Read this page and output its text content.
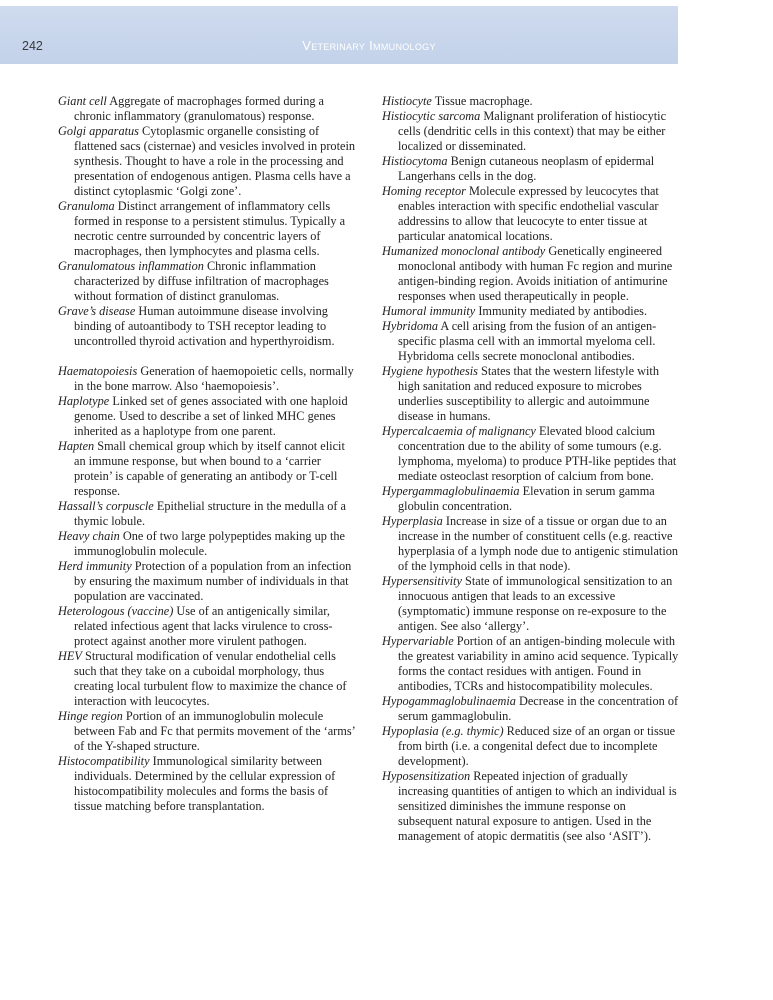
242	Veterinary Immunology

Giant cell Aggregate of macrophages formed during a chronic inflammatory (granulomatous) response.

Golgi apparatus Cytoplasmic organelle consisting of flattened sacs (cisternae) and vesicles involved in protein synthesis. Thought to have a role in the processing and presentation of endogenous antigen. Plasma cells have a distinct cytoplasmic ‘Golgi zone’.

Granuloma Distinct arrangement of inflammatory cells formed in response to a persistent stimulus. Typically a necrotic centre surrounded by concentric layers of macrophages, then lymphocytes and plasma cells.

Granulomatous inflammation Chronic inflammation characterized by diffuse infiltration of macrophages without formation of distinct granulomas.

Grave’s disease Human autoimmune disease involving binding of autoantibody to TSH receptor leading to uncontrolled thyroid activation and hyperthyroidism.

Haematopoiesis Generation of haemopoietic cells, normally in the bone marrow. Also ‘haemopoiesis’.

Haplotype Linked set of genes associated with one haploid genome. Used to describe a set of linked MHC genes inherited as a haplotype from one parent.

Hapten Small chemical group which by itself cannot elicit an immune response, but when bound to a ‘carrier protein’ is capable of generating an antibody or T-cell response.

Hassall’s corpuscle Epithelial structure in the medulla of a thymic lobule.

Heavy chain One of two large polypeptides making up the immunoglobulin molecule.

Herd immunity Protection of a population from an infection by ensuring the maximum number of individuals in that population are vaccinated.

Heterologous (vaccine) Use of an antigenically similar, related infectious agent that lacks virulence to cross-protect against another more virulent pathogen.

HEV Structural modification of venular endothelial cells such that they take on a cuboidal morphology, thus creating local turbulent flow to maximize the chance of interaction with leucocytes.

Hinge region Portion of an immunoglobulin molecule between Fab and Fc that permits movement of the ‘arms’ of the Y-shaped structure.

Histocompatibility Immunological similarity between individuals. Determined by the cellular expression of histocompatibility molecules and forms the basis of tissue matching before transplantation.

Histiocyte Tissue macrophage.

Histiocytic sarcoma Malignant proliferation of histiocytic cells (dendritic cells in this context) that may be either localized or disseminated.

Histiocytoma Benign cutaneous neoplasm of epidermal Langerhans cells in the dog.

Homing receptor Molecule expressed by leucocytes that enables interaction with specific endothelial vascular addressins to allow that leucocyte to enter tissue at particular anatomical locations.

Humanized monoclonal antibody Genetically engineered monoclonal antibody with human Fc region and murine antigen-binding region. Avoids initiation of antimurine responses when used therapeutically in people.

Humoral immunity Immunity mediated by antibodies.

Hybridoma A cell arising from the fusion of an antigen-specific plasma cell with an immortal myeloma cell. Hybridoma cells secrete monoclonal antibodies.

Hygiene hypothesis States that the western lifestyle with high sanitation and reduced exposure to microbes underlies susceptibility to allergic and autoimmune disease in humans.

Hypercalcaemia of malignancy Elevated blood calcium concentration due to the ability of some tumours (e.g. lymphoma, myeloma) to produce PTH-like peptides that mediate osteoclast resorption of calcium from bone.

Hypergammaglobulinaemia Elevation in serum gamma globulin concentration.

Hyperplasia Increase in size of a tissue or organ due to an increase in the number of constituent cells (e.g. reactive hyperplasia of a lymph node due to antigenic stimulation of the lymphoid cells in that node).

Hypersensitivity State of immunological sensitization to an innocuous antigen that leads to an excessive (symptomatic) immune response on re-exposure to the antigen. See also ‘allergy’.

Hypervariable Portion of an antigen-binding molecule with the greatest variability in amino acid sequence. Typically forms the contact residues with antigen. Found in antibodies, TCRs and histocompatibility molecules.

Hypogammaglobulinaemia Decrease in the concentration of serum gammaglobulin.

Hypoplasia (e.g. thymic) Reduced size of an organ or tissue from birth (i.e. a congenital defect due to incomplete development).

Hyposensitization Repeated injection of gradually increasing quantities of antigen to which an individual is sensitized diminishes the immune response on subsequent natural exposure to antigen. Used in the management of atopic dermatitis (see also ‘ASIT’).
